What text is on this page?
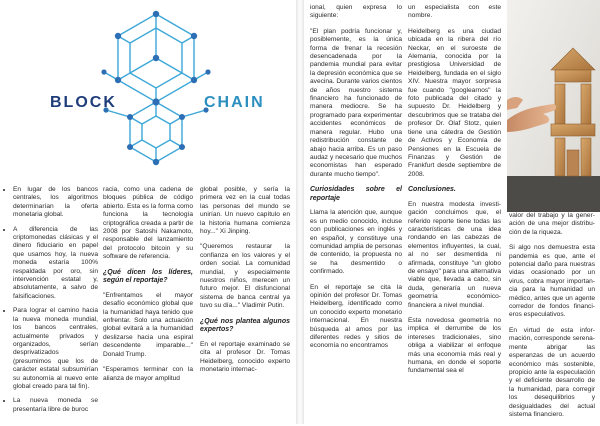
BLOCK	CHAIN
• En lugar de los bancos centrales, los algoritmos determinarían la oferta monetaria global.
• A diferencia de las criptomonedas clásicas y el dinero fiduciario en papel que usamos hoy, la nueva moneda estaría 100% respaldada por oro, sin intervención estatal y, absolutamente, a salvo de falsificaciones.
• Para lograr el camino hacia la nueva moneda mundial, los bancos centrales, actualmente privados y organizados, serían desprivatizados (presumimos que los de carácter estatal subsumirían su autonomía al nuevo ente global creado para tal fin).
• La nueva moneda se presentaría libre de buroc

racia, como una cadena de bloques pública de código abierto. Esta es la forma como funciona la tecnología criptográfica creada a partir de 2008 por Satoshi Nakamoto, responsable del lanzamiento del protocolo bitcoin y su software de referencia.

¿Qué dicen los líderes, según el reportaje?

"Enfrentamos el mayor desafío económico global que la humanidad haya tenido que enfrentar. Solo una actuación global evitará a la humanidad deslizarse hacia una espiral descendente imparable..." Donald Trump.

"Esperamos terminar con la alianza de mayor amplitud

global posible, y sería la primera vez en la cual todas las personas del mundo se unirían. Un nuevo capítulo en la historia humana comienza hoy..." Xi Jinping.

"Queremos restaurar la confianza en los valores y el orden social. La comunidad mundial, y especialmente nuestros niños, merecen un futuro mejor. El disfuncional sistema de banca central ya tuvo su día..." Vladimir Putin.

¿Qué nos plantea algunos expertos?

En el reportaje examinado se cita al profesor Dr. Tomas Heidelberg, conocido experto monetario internac-

ional, quien expresa lo siguiente:

"El plan podría funcionar y, posiblemente, es la única forma de frenar la recesión desencadenada por la pandemia mundial para evitar la depresión económica que se avecina. Durante varios cientos de años nuestro sistema financiero ha funcionado de manera mediocre. Se ha programado para experimentar accidentes económicos de manera regular. Hubo una redistribución constante de abajo hacia arriba. Es un paso audaz y necesario que muchos economistas han esperado durante mucho tiempo".

Curiosidades sobre el reportaje

Llama la atención que, aunque es un medio conocido, incluse con publicaciones en inglés y en español, y constituye una comunidad amplia de personas de contenido, la propuesta no se ha desmentido o confirmado.

En el reportaje se cita la opinión del profesor Dr. Tomas Heidelberg, identificado como un conocido experto monetario internacional. En nuestra búsqueda al amos por las diferentes redes y sitios de economía no encontramos

un especialista con este nombre.

Heidelberg es una ciudad ubicada en la ribera del río Neckar, en el suroeste de Alemania, conocida por la prestigiosa Universidad de Heidelberg, fundada en el siglo XIV. Nuestra mayor sorpresa fue cuando "googlearnos" la foto publicada del citado y supuesto Dr. Heidelberg y descubrimos que se trataba del profesor Dr. Olaf Stotz, quien tiene una cátedra de Gestión de Activos y Economía de Pensiones en la Escuela de Finanzas y Gestión de Frankfurt desde septiembre de 2008.

Conclusiones.

En nuestra modesta investigación concluimos que, el referido reporte tiene todas las características de una idea rondando en las cabezas de elementos influyentes, la cual, al no ser desmentida ni afirmada, constituye "un globo de ensayo" para una alternativa viable que, llevada a cabo, sin duda, generaría un nueva geometría económico-financiera a nivel mundial.

Esta novedosa geometría no implica el derrumbe de los intereses tradicionales, sino obliga a viabilizar el enfoque más una economía más real y humana, en donde el soporte fundamental sea el

valor del trabajo y la generación de una mejor distribución de la riqueza.

Si algo nos demuestra esta pandemia es que, ante el potencial daño para nuestras vidas ocasionado por un virus, cobra mayor importancia para la humanidad un médico, antes que un agente corredor de fondos financieros especulativos.

En virtud de esta información, corresponde serenamente abrigar las esperanzas de un acuerdo económico más sostenible, propicio ante la especulación y el deficiente desarrollo de la humanidad, para corregir los desequilibrios y desigualdades del actual sistema financiero.
